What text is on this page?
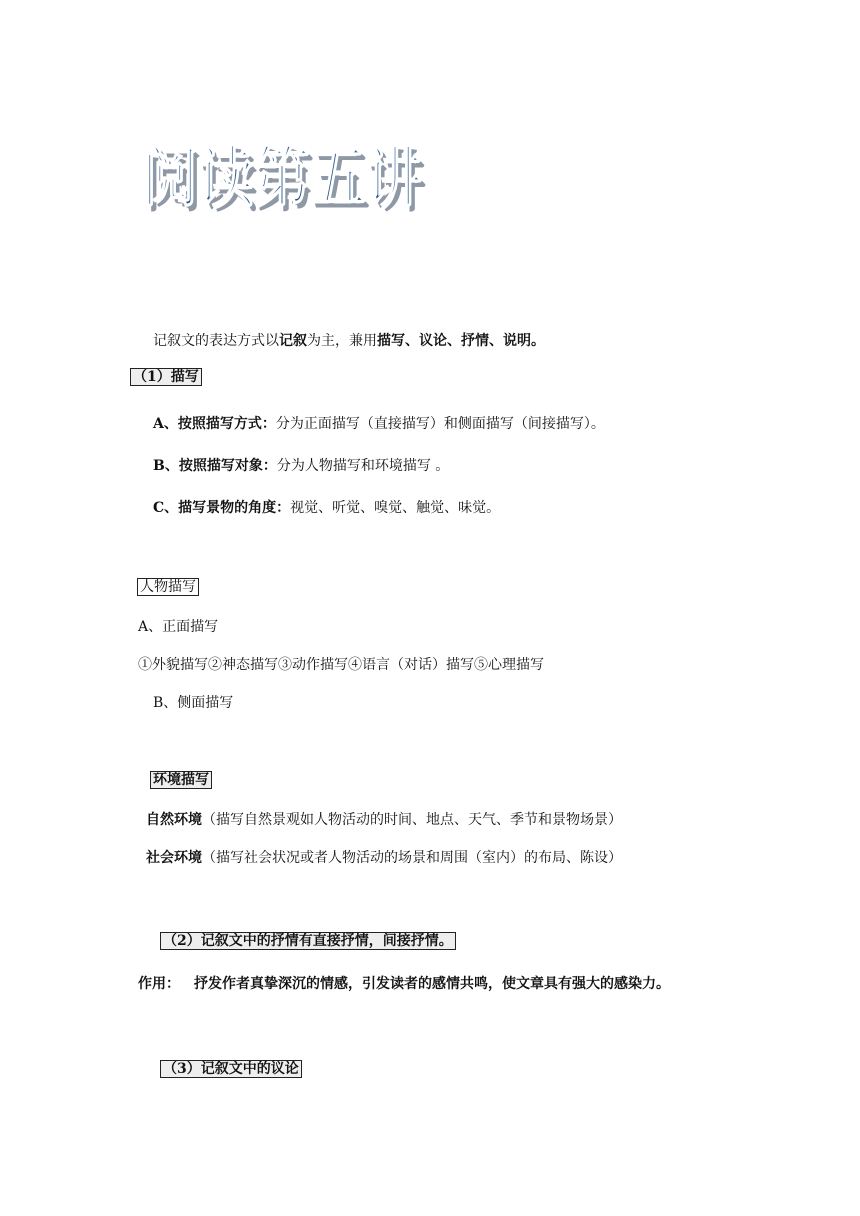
阅读第五讲
阅读第五讲
记叙文的表达方式以记叙为主，兼用描写、议论、抒情、说明。
（1）描写
A、按照描写方式：分为正面描写（直接描写）和侧面描写（间接描写）。
B、按照描写对象：分为人物描写和环境描写 。
C、描写景物的角度：视觉、听觉、嗅觉、触觉、味觉。
人物描写
A、正面描写
①外貌描写②神态描写③动作描写④语言（对话）描写⑤心理描写
B、侧面描写
环境描写
自然环境（描写自然景观如人物活动的时间、地点、天气、季节和景物场景）
社会环境（描写社会状况或者人物活动的场景和周围（室内）的布局、陈设）
（2）记叙文中的抒情有直接抒情，间接抒情。
作用： 抒发作者真挚深沉的情感，引发读者的感情共鸣，使文章具有强大的感染力。
（3）记叙文中的议论
